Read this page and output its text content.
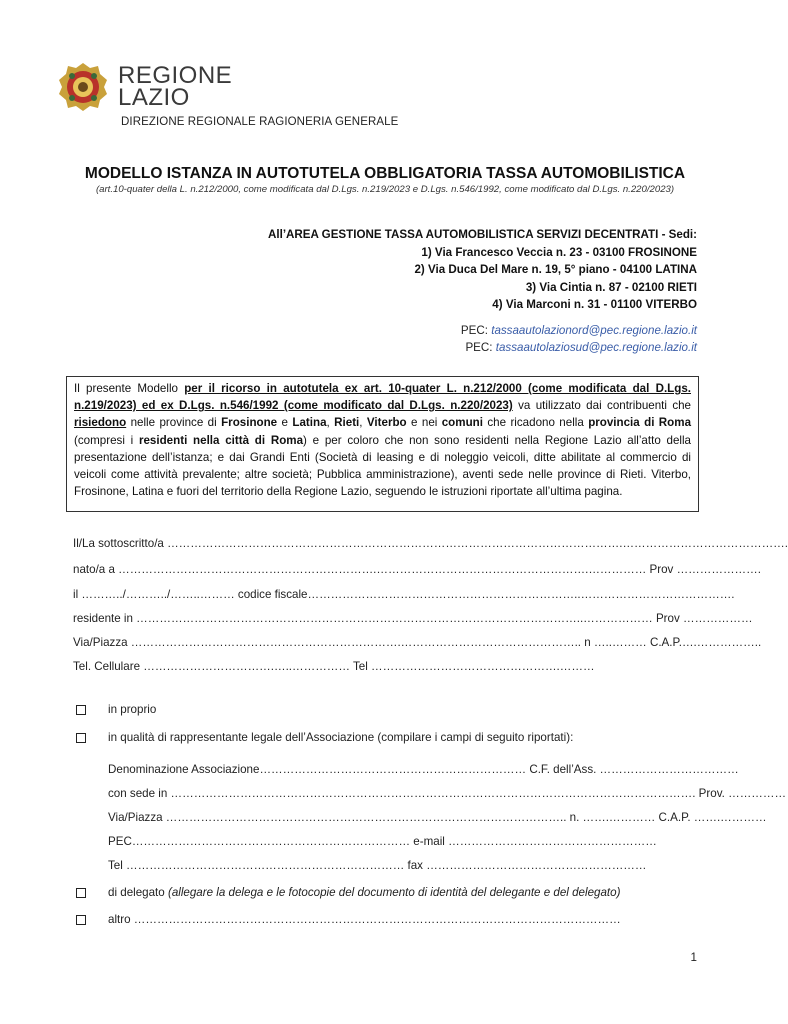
REGIONE
LAZIO
DIREZIONE REGIONALE RAGIONERIA GENERALE
MODELLO ISTANZA IN AUTOTUTELA OBBLIGATORIA TASSA AUTOMOBILISTICA
(art.10-quater della L. n.212/2000, come modificata dal D.Lgs. n.219/2023 e D.Lgs. n.546/1992, come modificato dal D.Lgs. n.220/2023)
All’AREA GESTIONE TASSA AUTOMOBILISTICA SERVIZI DECENTRATI - Sedi:
1) Via Francesco Veccia n. 23 - 03100 FROSINONE
2) Via Duca Del Mare n. 19, 5° piano - 04100 LATINA
3) Via Cintia n. 87 - 02100 RIETI
4) Via Marconi n. 31 - 01100 VITERBO
PEC: tassaautolazionord@pec.regione.lazio.it
PEC: tassaautolaziosud@pec.regione.lazio.it
Il presente Modello per il ricorso in autotutela ex art. 10-quater L. n.212/2000 (come modificata dal D.Lgs. n.219/2023) ed ex D.Lgs. n.546/1992 (come modificato dal D.Lgs. n.220/2023) va utilizzato dai contribuenti che risiedono nelle province di Frosinone e Latina, Rieti, Viterbo e nei comuni che ricadono nella provincia di Roma (compresi i residenti nella città di Roma) e per coloro che non sono residenti nella Regione Lazio all’atto della presentazione dell’istanza; e dai Grandi Enti (Società di leasing e di noleggio veicoli, ditte abilitate al commercio di veicoli come attività prevalente; altre società; Pubblica amministrazione), aventi sede nelle province di Rieti. Viterbo, Frosinone, Latina e fuori del territorio della Regione Lazio, seguendo le istruzioni riportate all’ultima pagina.
Il/La sottoscritto/a ……………………………………………………………………………………………………….…………………………………….
nato/a a ………………………………………………………….……………………………………………….…………… Prov ………………….
il ………../………../……..……… codice fiscale……………………………………………………………..………………………………….
residente in ……………………………………………………………………………………………………..……………… Prov ………………
Via/Piazza …………………………………………………………….……………………………………….. n …..……… C.A.P.….……………..
Tel. Cellulare …………………………….…..…………… Tel ………………………………………….………
in proprio
in qualità di rappresentante legale dell’Associazione (compilare i campi di seguito riportati):
Denominazione Associazione…………………………………………………………… C.F. dell’Ass. ………………………………
con sede in ………………………………………………………………………………………………………………………. Prov. ……………
Via/Piazza ………………………………………………………………………………………….. n. …….………… C.A.P. …….…………
PEC……………………………………………………………… e-mail ………………………………………………
Tel ……………………………………………………………… fax …………………………………………………
di delegato (allegare la delega e le fotocopie del documento di identità del delegante e del delegato)
altro ………………………………………………………………………………………………………………
1
